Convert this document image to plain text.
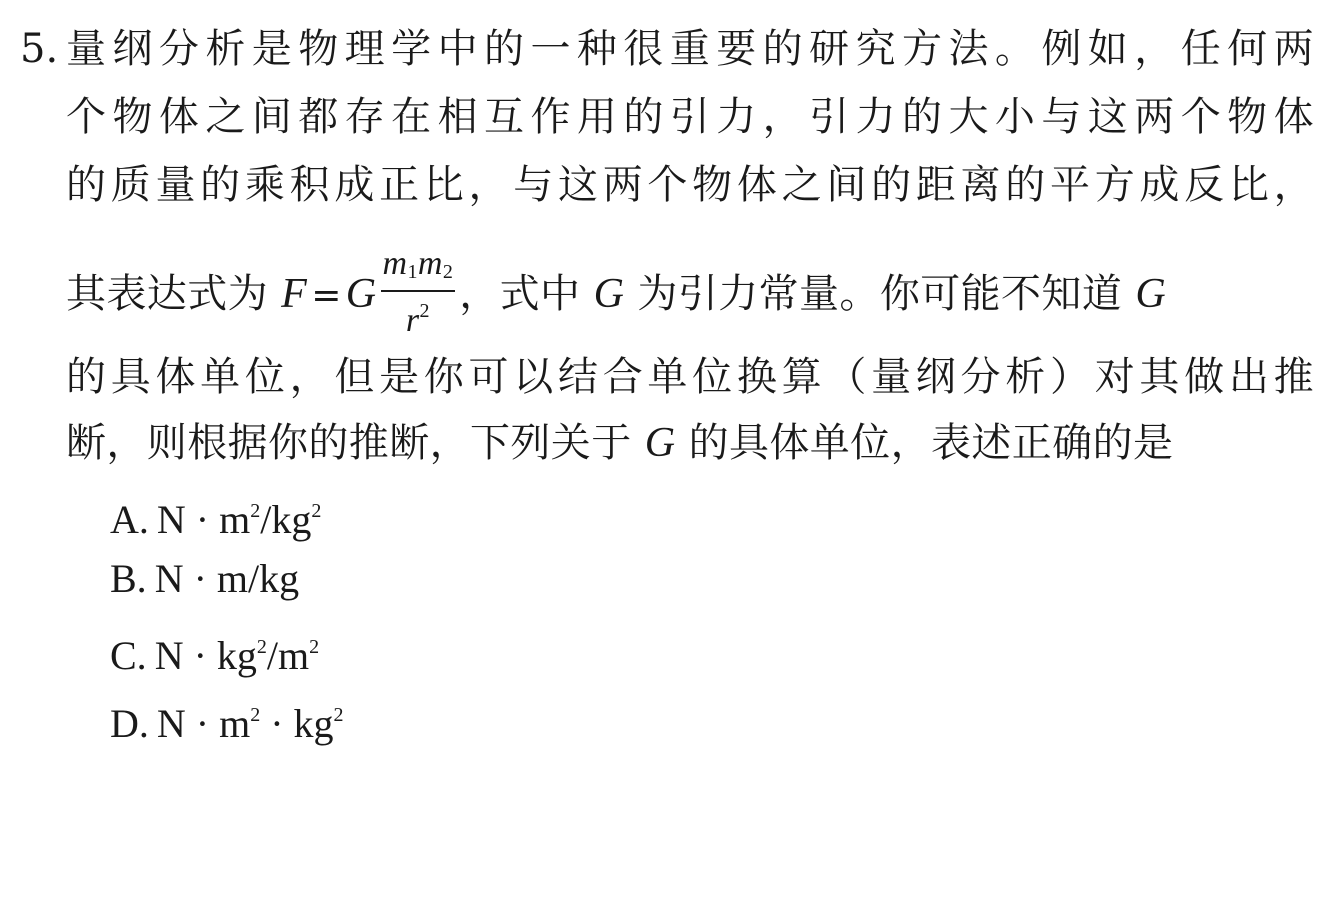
5. 量纲分析是物理学中的一种很重要的研究方法。例如，任何两
个物体之间都存在相互作用的引力，引力的大小与这两个物体
的质量的乘积成正比，与这两个物体之间的距离的平方成反比，
其表达式为 $F =G \frac{m_1m_2}{r^2}$ ，式中 G 为引力常量。你可能不知道 G
的具体单位，但是你可以结合单位换算（量纲分析）对其做出推
断，则根据你的推断，下列关于 G 的具体单位，表述正确的是
A. $N \cdot m^2/kg^2$
B. N · m/kg
C. $N \cdot kg^2/m^2$
D. $N \cdot m^2 \cdot kg^2$
